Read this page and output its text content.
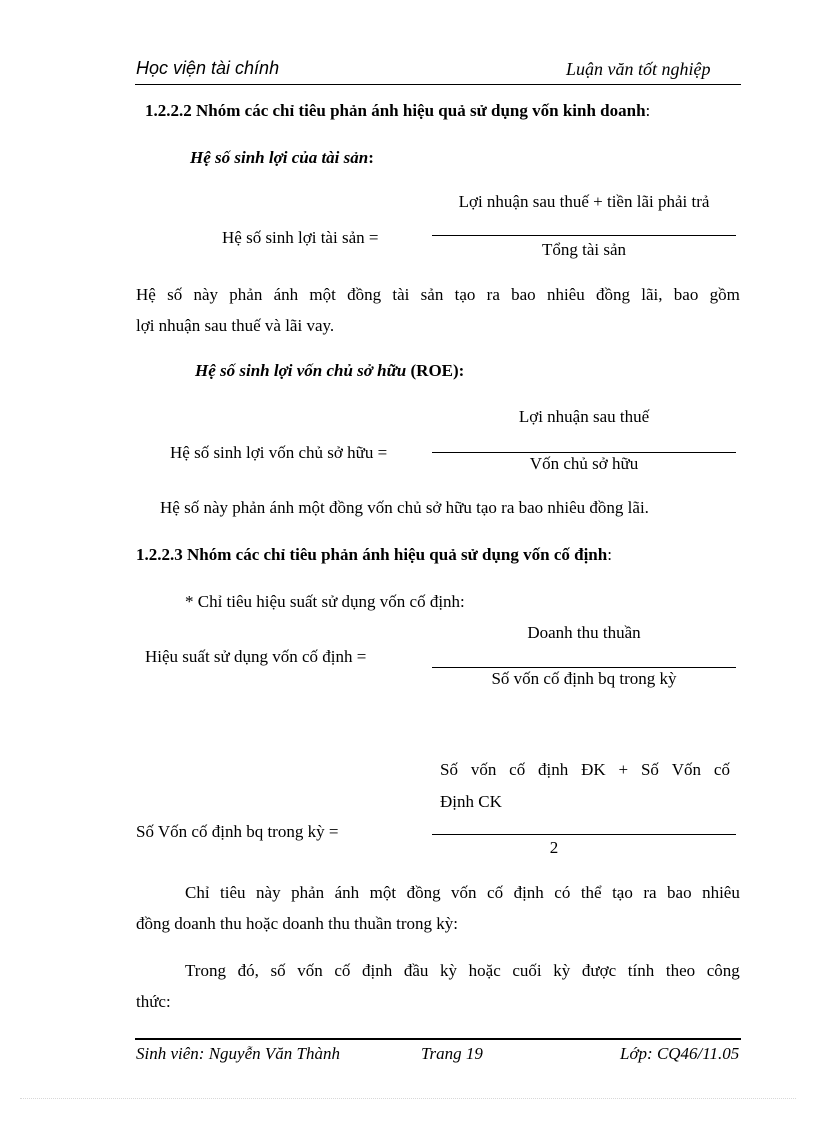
Học viện tài chính	Luận văn tốt nghiệp
1.2.2.2 Nhóm các chỉ tiêu phản ánh hiệu quả sử dụng vốn kinh doanh:
Hệ số sinh lợi của tài sản:
Hệ số sinh lợi tài sản =
Lợi nhuận sau thuế + tiền lãi phải trả
Tổng tài sản
Hệ số này phản ánh một đồng tài sản tạo ra bao nhiêu đồng lãi, bao gồm
lợi nhuận sau thuế và lãi vay.
Hệ số sinh lợi vốn chủ sở hữu (ROE):
Lợi nhuận sau thuế
Hệ số sinh lợi vốn chủ sở hữu =
Vốn chủ sở hữu
Hệ số này phản ánh một đồng vốn chủ sở hữu tạo ra bao nhiêu đồng lãi.
1.2.2.3 Nhóm các chỉ tiêu phản ánh hiệu quả sử dụng vốn cố định:
* Chỉ tiêu hiệu suất sử dụng vốn cố định:
Doanh thu thuần
Hiệu suất sử dụng vốn cố định =
Số vốn cố định bq trong kỳ
Số vốn cố định ĐK + Số Vốn cố
Định CK
Số Vốn cố định bq trong kỳ =
2
Chỉ tiêu này phản ánh một đồng vốn cố định có thể tạo ra bao nhiêu
đồng doanh thu hoặc doanh thu thuần trong kỳ:
Trong đó, số vốn cố định đầu kỳ hoặc cuối kỳ được tính theo công
thức:
Sinh viên: Nguyễn Văn Thành	Trang 19	Lớp: CQ46/11.05
